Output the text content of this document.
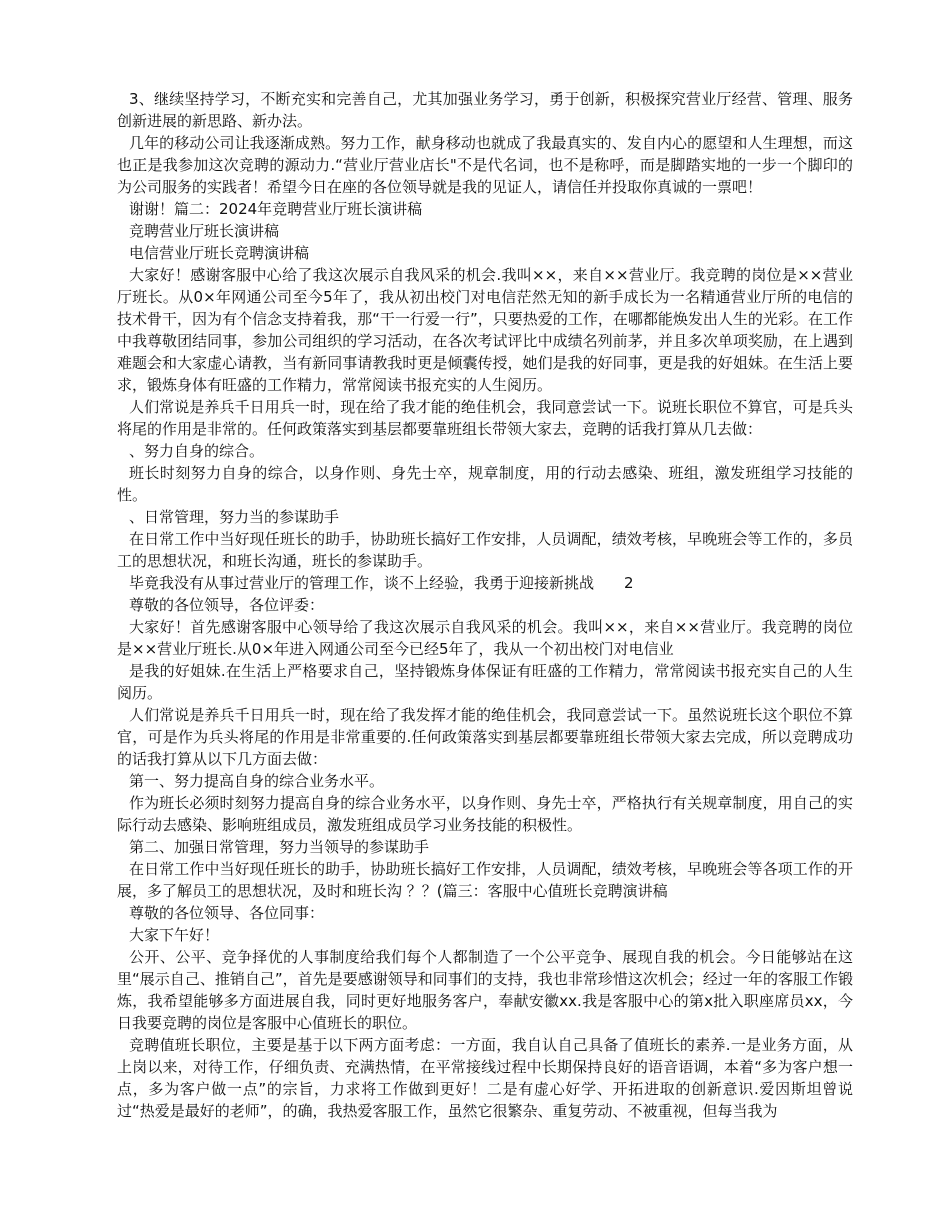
3、继续坚持学习，不断充实和完善自己，尤其加强业务学习，勇于创新，积极探究营业厅经营、管理、服务创新进展的新思路、新办法。

几年的移动公司让我逐渐成熟。努力工作，献身移动也就成了我最真实的、发自内心的愿望和人生理想，而这也正是我参加这次竞聘的源动力.“营业厅营业店长"不是代名词，也不是称呼，而是脚踏实地的一步一个脚印的为公司服务的实践者！希望今日在座的各位领导就是我的见证人，请信任并投取你真诚的一票吧！

谢谢！篇二：2024年竞聘营业厅班长演讲稿

竞聘营业厅班长演讲稿

电信营业厅班长竞聘演讲稿

大家好！感谢客服中心给了我这次展示自我风采的机会.我叫××，来自××营业厅。我竞聘的岗位是××营业厅班长。从0×年网通公司至今5年了，我从初出校门对电信茫然无知的新手成长为一名精通营业厅所的电信的技术骨干，因为有个信念支持着我，那“干一行爱一行”，只要热爱的工作，在哪都能焕发出人生的光彩。在工作中我尊敬团结同事，参加公司组织的学习活动，在各次考试评比中成绩名列前茅，并且多次单项奖励，在上遇到难题会和大家虚心请教，当有新同事请教我时更是倾囊传授，她们是我的好同事，更是我的好姐妹。在生活上要求，锻炼身体有旺盛的工作精力，常常阅读书报充实的人生阅历。

人们常说是养兵千日用兵一时，现在给了我才能的绝佳机会，我同意尝试一下。说班长职位不算官，可是兵头将尾的作用是非常的。任何政策落实到基层都要靠班组长带领大家去，竞聘的话我打算从几去做：

、努力自身的综合。

班长时刻努力自身的综合，以身作则、身先士卒，规章制度，用的行动去感染、班组，激发班组学习技能的性。

、日常管理，努力当的参谋助手

在日常工作中当好现任班长的助手，协助班长搞好工作安排，人员调配，绩效考核，早晚班会等工作的，多员工的思想状况，和班长沟通，班长的参谋助手。

毕竟我没有从事过营业厅的管理工作，谈不上经验，我勇于迎接新挑战　　2

尊敬的各位领导，各位评委：

大家好！首先感谢客服中心领导给了我这次展示自我风采的机会。我叫××，来自××营业厅。我竞聘的岗位是××营业厅班长.从0×年进入网通公司至今已经5年了，我从一个初出校门对电信业

是我的好姐妹.在生活上严格要求自己，坚持锻炼身体保证有旺盛的工作精力，常常阅读书报充实自己的人生阅历。

人们常说是养兵千日用兵一时，现在给了我发挥才能的绝佳机会，我同意尝试一下。虽然说班长这个职位不算官，可是作为兵头将尾的作用是非常重要的.任何政策落实到基层都要靠班组长带领大家去完成，所以竞聘成功的话我打算从以下几方面去做：

第一、努力提高自身的综合业务水平。

作为班长必须时刻努力提高自身的综合业务水平，以身作则、身先士卒，严格执行有关规章制度，用自己的实际行动去感染、影响班组成员，激发班组成员学习业务技能的积极性。

第二、加强日常管理，努力当领导的参谋助手

在日常工作中当好现任班长的助手，协助班长搞好工作安排，人员调配，绩效考核，早晚班会等各项工作的开展，多了解员工的思想状况，及时和班长沟 ？？(篇三：客服中心值班长竞聘演讲稿

尊敬的各位领导、各位同事：

大家下午好！

公开、公平、竞争择优的人事制度给我们每个人都制造了一个公平竞争、展现自我的机会。今日能够站在这里“展示自己、推销自己”，首先是要感谢领导和同事们的支持，我也非常珍惜这次机会；经过一年的客服工作锻炼，我希望能够多方面进展自我，同时更好地服务客户，奉献安徽xx.我是客服中心的第x批入职座席员xx，今日我要竞聘的岗位是客服中心值班长的职位。

竞聘值班长职位，主要是基于以下两方面考虑：一方面，我自认自己具备了值班长的素养.一是业务方面，从上岗以来，对待工作，仔细负责、充满热情，在平常接线过程中长期保持良好的语音语调，本着“多为客户想一点，多为客户做一点”的宗旨，力求将工作做到更好！二是有虚心好学、开拓进取的创新意识.爱因斯坦曾说过“热爱是最好的老师”，的确，我热爱客服工作，虽然它很繁杂、重复劳动、不被重视，但每当我为
